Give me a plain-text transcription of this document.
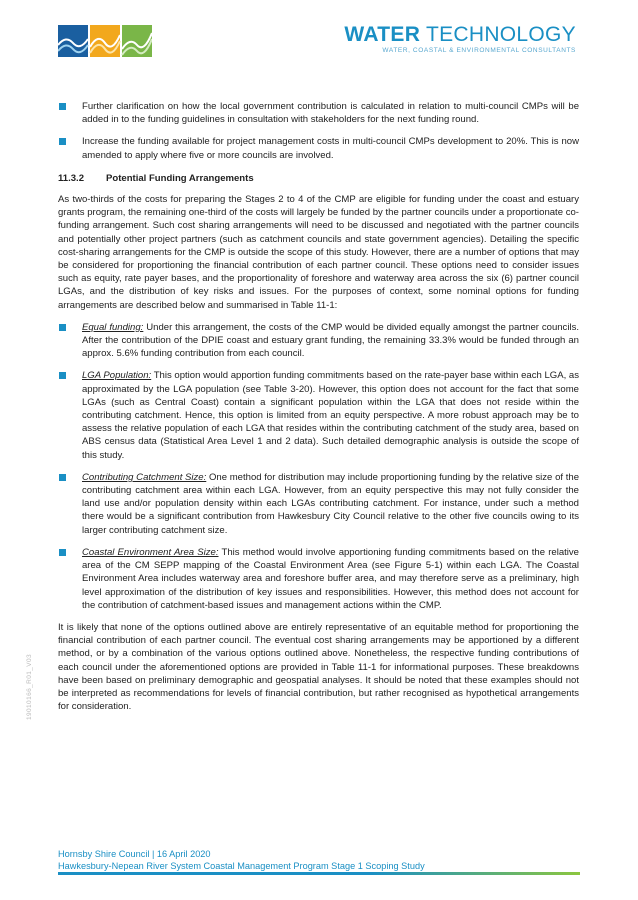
WATER TECHNOLOGY
WATER, COASTAL & ENVIRONMENTAL CONSULTANTS
Further clarification on how the local government contribution is calculated in relation to multi-council CMPs will be added in to the funding guidelines in consultation with stakeholders for the next funding round.
Increase the funding available for project management costs in multi-council CMPs development to 20%. This is now amended to apply where five or more councils are involved.
11.3.2 Potential Funding Arrangements
As two-thirds of the costs for preparing the Stages 2 to 4 of the CMP are eligible for funding under the coast and estuary grants program, the remaining one-third of the costs will largely be funded by the partner councils under a proportionate co-funding arrangement. Such cost sharing arrangements will need to be discussed and negotiated with the partner councils and potentially other project partners (such as catchment councils and state government agencies). Detailing the specific cost-sharing arrangements for the CMP is outside the scope of this study. However, there are a number of options that may be considered for proportioning the financial contribution of each partner council. These options need to consider issues such as equity, rate payer bases, and the proportionality of foreshore and waterway area across the six (6) partner council LGAs, and the distribution of key risks and issues. For the purposes of context, some nominal options for funding arrangements are described below and summarised in Table 11-1:
Equal funding: Under this arrangement, the costs of the CMP would be divided equally amongst the partner councils. After the contribution of the DPIE coast and estuary grant funding, the remaining 33.3% would be funded through an approx. 5.6% funding contribution from each council.
LGA Population: This option would apportion funding commitments based on the rate-payer base within each LGA, as approximated by the LGA population (see Table 3-20). However, this option does not account for the fact that some LGAs (such as Central Coast) contain a significant population within the LGA that does not reside within the contributing catchment. Hence, this option is limited from an equity perspective. A more robust approach may be to assess the relative population of each LGA that resides within the contributing catchment of the study area, based on ABS census data (Statistical Area Level 1 and 2 data). Such detailed demographic analysis is outside the scope of this study.
Contributing Catchment Size: One method for distribution may include proportioning funding by the relative size of the contributing catchment area within each LGA. However, from an equity perspective this may not fully consider the land use and/or population density within each LGAs contributing catchment. For instance, under such a method there would be a significant contribution from Hawkesbury City Council relative to the other five councils owing to its larger contributing catchment size.
Coastal Environment Area Size: This method would involve apportioning funding commitments based on the relative area of the CM SEPP mapping of the Coastal Environment Area (see Figure 5-1) within each LGA. The Coastal Environment Area includes waterway area and foreshore buffer area, and may therefore serve as a preliminary, high level approximation of the distribution of key issues and responsibilities. However, this method does not account for the contribution of catchment-based issues and management actions within the CMP.
It is likely that none of the options outlined above are entirely representative of an equitable method for proportioning the financial contribution of each partner council. The eventual cost sharing arrangements may be apportioned by a different method, or by a combination of the various options outlined above. Nonetheless, the respective funding contributions of each council under the aforementioned options are provided in Table 11-1 for informational purposes. These breakdowns have been based on preliminary demographic and geospatial analyses. It should be noted that these examples should not be interpreted as recommendations for levels of financial contribution, but rather recognised as hypothetical arrangements for consideration.
19010166_R01_V03
Hornsby Shire Council | 16 April 2020
Hawkesbury-Nepean River System Coastal Management Program Stage 1 Scoping Study
